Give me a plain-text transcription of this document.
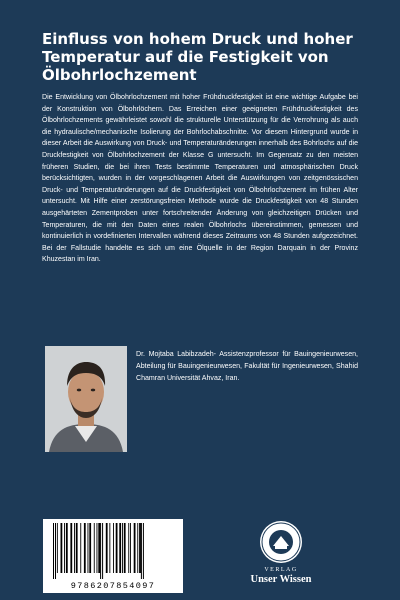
Einfluss von hohem Druck und hoher Temperatur auf die Festigkeit von Ölbohrlochzement

Die Entwicklung von Ölbohrlochzement mit hoher Frühdruckfestigkeit ist eine wichtige Aufgabe bei der Konstruktion von Ölbohrlöchern. Das Erreichen einer geeigneten Frühdruckfestigkeit des Ölbohrlochzements gewährleistet sowohl die strukturelle Unterstützung für die Verrohrung als auch die hydraulische/mechanische Isolierung der Bohrlochabschnitte. Vor diesem Hintergrund wurde in dieser Arbeit die Auswirkung von Druck- und Temperaturänderungen innerhalb des Bohrlochs auf die Druckfestigkeit von Ölbohrlochzement der Klasse G untersucht. Im Gegensatz zu den meisten früheren Studien, die bei ihren Tests bestimmte Temperaturen und atmosphärischen Druck berücksichtigten, wurden in der vorgeschlagenen Arbeit die Auswirkungen von zeitgenössischen Druck- und Temperaturänderungen auf die Druckfestigkeit von Ölbohrlochzement im frühen Alter untersucht. Mit Hilfe einer zerstörungsfreien Methode wurde die Druckfestigkeit von 48 Stunden ausgehärteten Zementproben unter fortschreitender Änderung von gleichzeitigen Drücken und Temperaturen, die mit den Daten eines realen Ölbohrlochs übereinstimmen, gemessen und kontinuierlich in vordefinierten Intervallen während dieses Zeitraums von 48 Stunden aufgezeichnet. Bei der Fallstudie handelte es sich um eine Ölquelle in der Region Darquain in der Provinz Khuzestan im Iran.

Dr. Mojtaba Labibzadeh- Assistenzprofessor für Bauingenieurwesen, Abteilung für Bauingenieurwesen, Fakultät für Ingenieurwesen, Shahid Chamran Universität Ahvaz, Iran.

9786207854097
VERLAG
Unser Wissen
